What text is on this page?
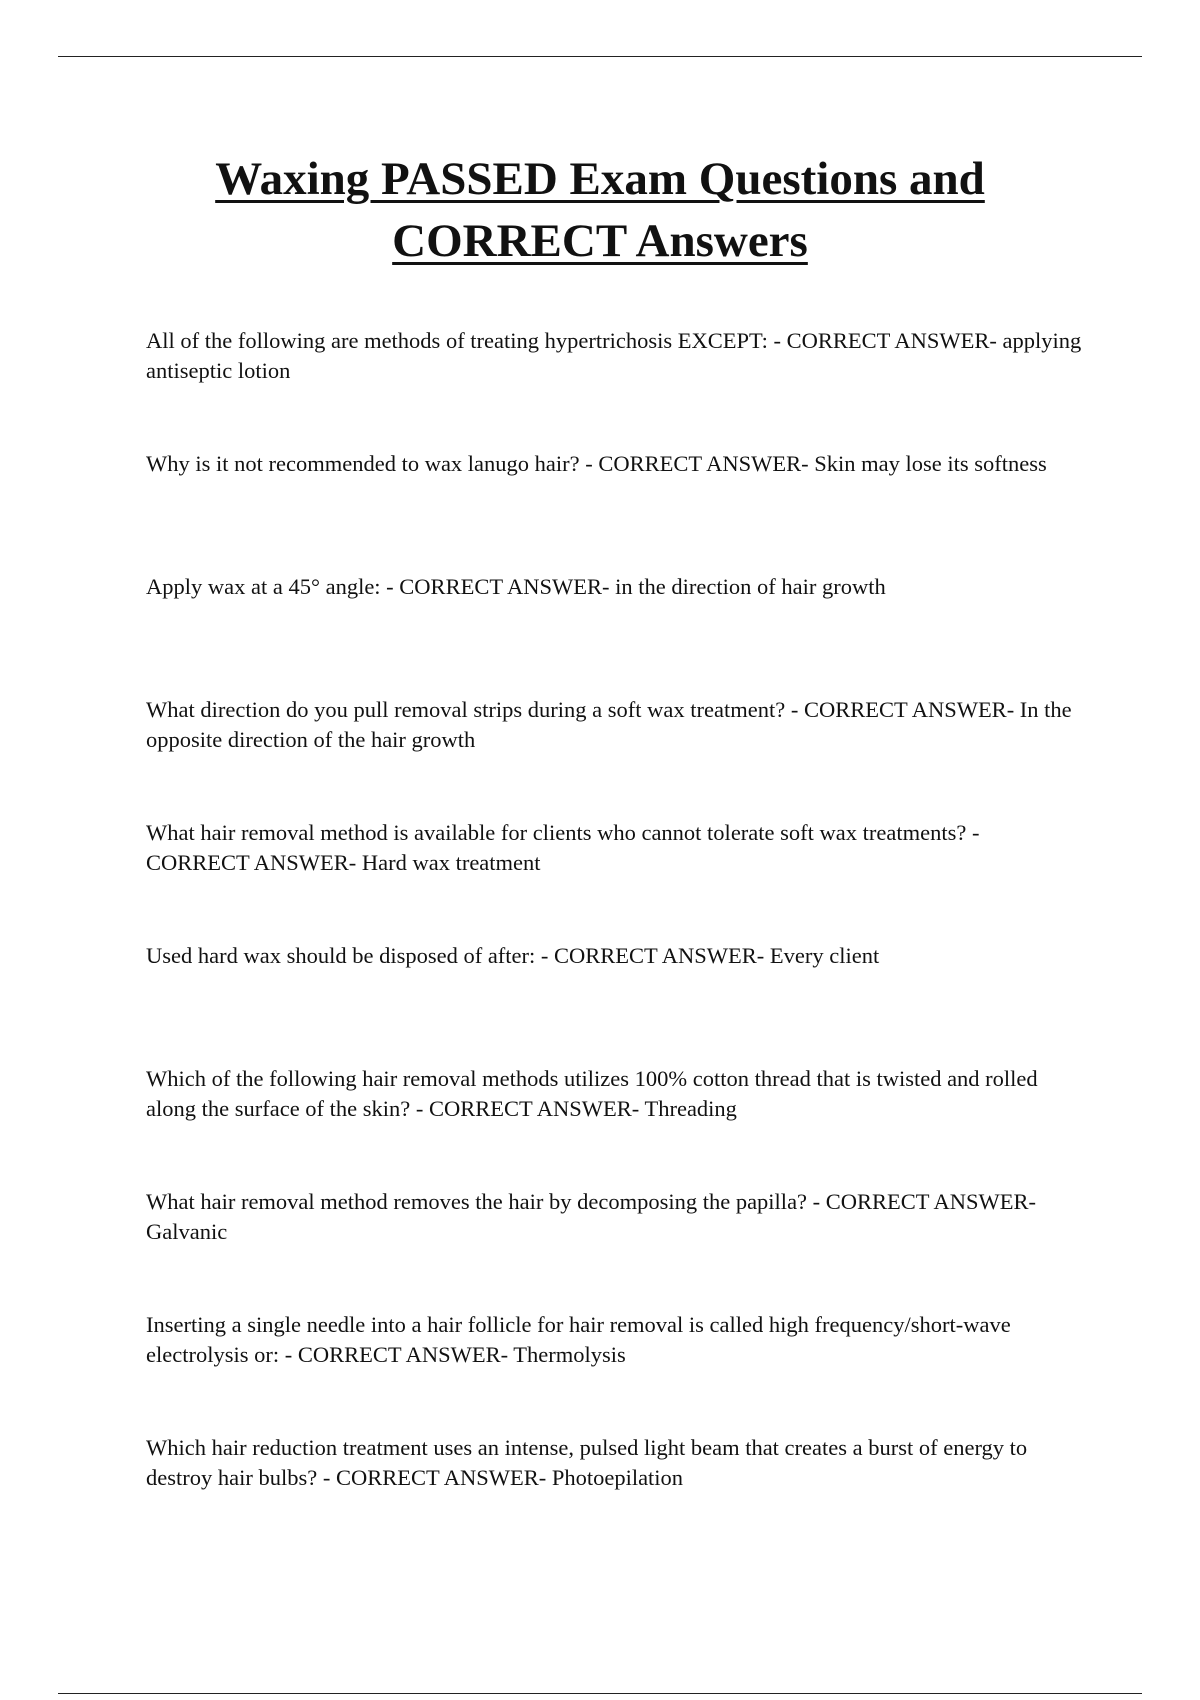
Waxing PASSED Exam Questions and CORRECT Answers
All of the following are methods of treating hypertrichosis EXCEPT: - CORRECT ANSWER- applying antiseptic lotion
Why is it not recommended to wax lanugo hair? - CORRECT ANSWER- Skin may lose its softness
Apply wax at a 45° angle: - CORRECT ANSWER- in the direction of hair growth
What direction do you pull removal strips during a soft wax treatment? - CORRECT ANSWER- In the opposite direction of the hair growth
What hair removal method is available for clients who cannot tolerate soft wax treatments? - CORRECT ANSWER- Hard wax treatment
Used hard wax should be disposed of after: - CORRECT ANSWER- Every client
Which of the following hair removal methods utilizes 100% cotton thread that is twisted and rolled along the surface of the skin? - CORRECT ANSWER- Threading
What hair removal method removes the hair by decomposing the papilla? - CORRECT ANSWER- Galvanic
Inserting a single needle into a hair follicle for hair removal is called high frequency/short-wave electrolysis or: - CORRECT ANSWER- Thermolysis
Which hair reduction treatment uses an intense, pulsed light beam that creates a burst of energy to destroy hair bulbs? - CORRECT ANSWER- Photoepilation
